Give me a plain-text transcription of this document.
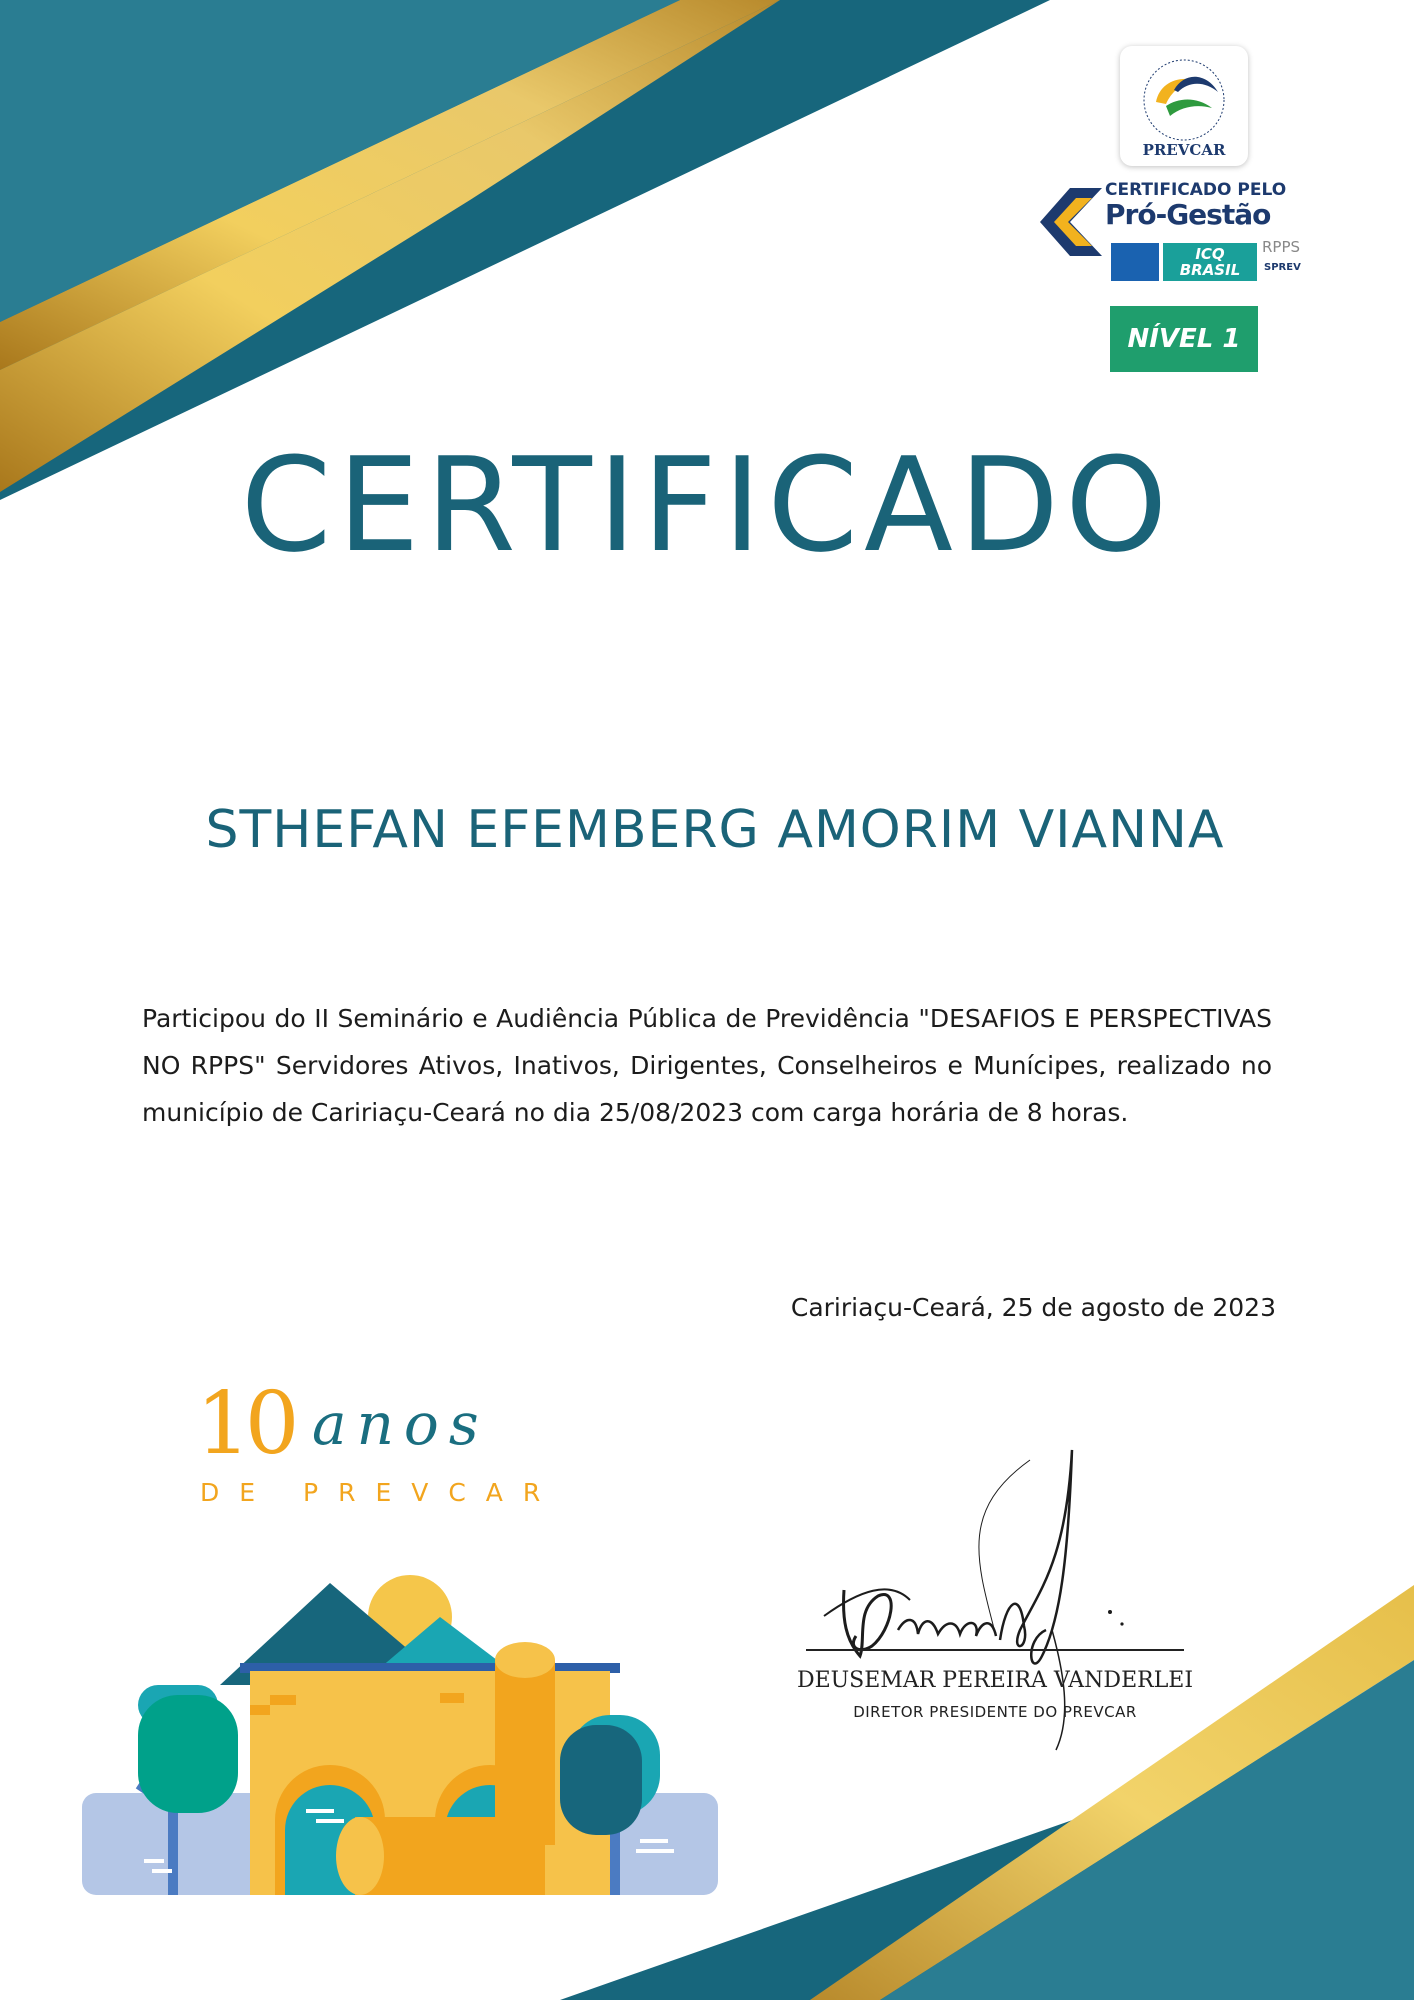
PREVCAR
CERTIFICADO PELO
Pró-Gestão
ICQ BRASIL
RPPS
SPREV
NÍVEL 1
CERTIFICADO
STHEFAN EFEMBERG AMORIM VIANNA
Participou do II Seminário e Audiência Pública de Previdência "DESAFIOS E PERSPECTIVAS NO RPPS" Servidores Ativos, Inativos, Dirigentes, Conselheiros e Munícipes, realizado no município de Caririaçu-Ceará no dia 25/08/2023 com carga horária de 8 horas.
Caririaçu-Ceará, 25 de agosto de 2023
10 anos
DE PREVCAR
DEUSEMAR PEREIRA VANDERLEI
DIRETOR PRESIDENTE DO PREVCAR
